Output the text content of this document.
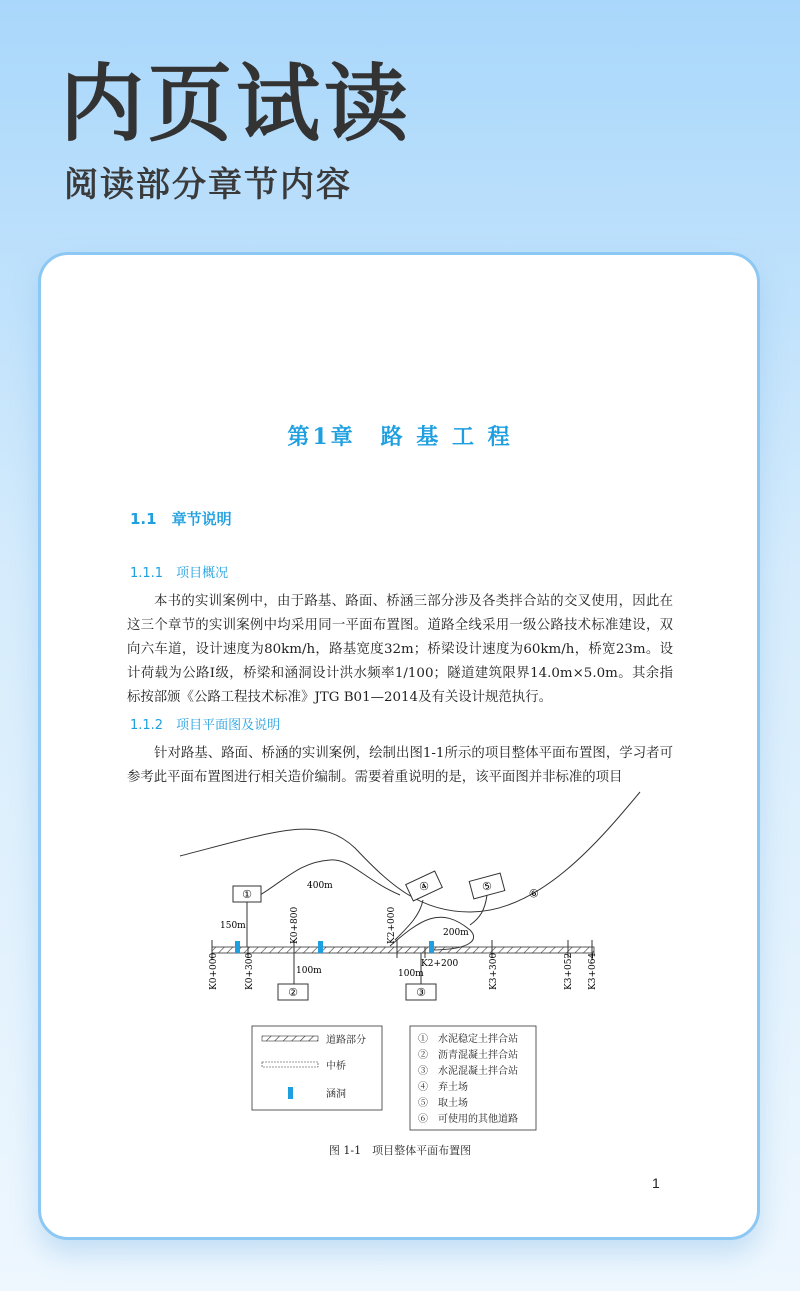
内页试读
阅读部分章节内容
第1章　路 基 工 程
1.1　章节说明
1.1.1　项目概况

本书的实训案例中，由于路基、路面、桥涵三部分涉及各类拌合站的交叉使用，因此在这三个章节的实训案例中均采用同一平面布置图。道路全线采用一级公路技术标准建设，双向六车道，设计速度为80km/h，路基宽度32m；桥梁设计速度为60km/h，桥宽23m。设计荷载为公路Ⅰ级，桥梁和涵洞设计洪水频率1/100；隧道建筑限界14.0m×5.0m。其余指标按部颁《公路工程技术标准》JTG B01—2014及有关设计规范执行。

1.1.2　项目平面图及说明

针对路基、路面、桥涵的实训案例，绘制出图1-1所示的项目整体平面布置图，学习者可参考此平面布置图进行相关造价编制。需要着重说明的是，该平面图并非标准的项目

K0+000	K0+300
K0+800	K2+000
K2+200	K3+300	K3+052 K3+064
①
150m
400m
100m
②
100m
③
200m
④	⑤	⑥
道路部分
中桥
涵洞
①　水泥稳定土拌合站
②　沥青混凝土拌合站
③　水泥混凝土拌合站
④　弃土场
⑤　取土场
⑥　可使用的其他道路
图 1-1　项目整体平面布置图
1
